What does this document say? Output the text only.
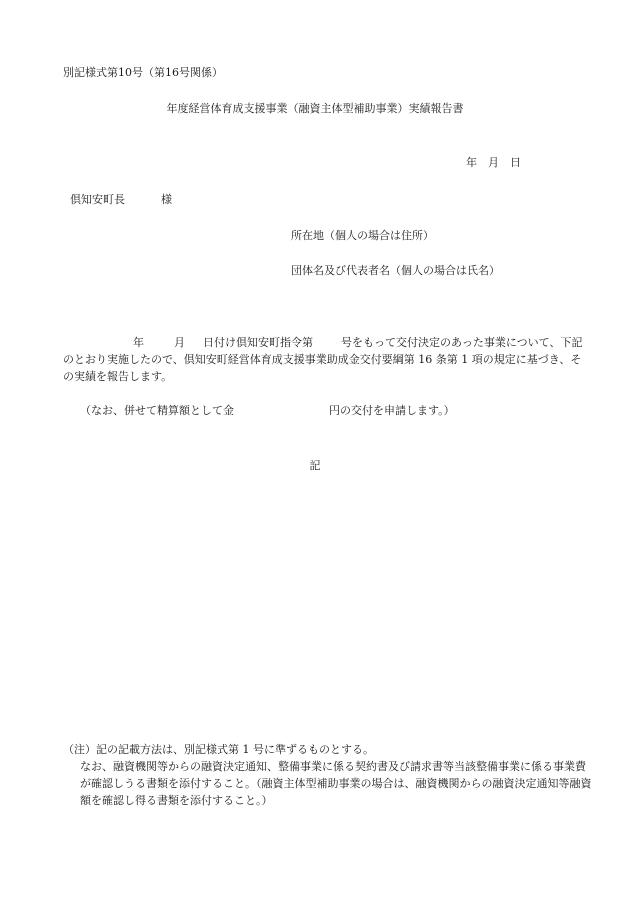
別記様式第10号（第16号関係）
年度経営体育成支援事業（融資主体型補助事業）実績報告書
年 月 日
倶知安町長	様
所在地（個人の場合は住所）
団体名及び代表者名（個人の場合は氏名）
年	月 日付け倶知安町指令第	号をもって交付決定のあった事業について、下記のとおり実施したので、倶知安町経営体育成支援事業助成金交付要綱第 16 条第 1 項の規定に基づき、その実績を報告します。
（なお、併せて精算額として金	円の交付を申請します。）
記
（注）記の記載方法は、別記様式第 1 号に準ずるものとする。
なお、融資機関等からの融資決定通知、整備事業に係る契約書及び請求書等当該整備事業に係る事業費が確認しうる書類を添付すること。（融資主体型補助事業の場合は、融資機関からの融資決定通知等融資額を確認し得る書類を添付すること。）
